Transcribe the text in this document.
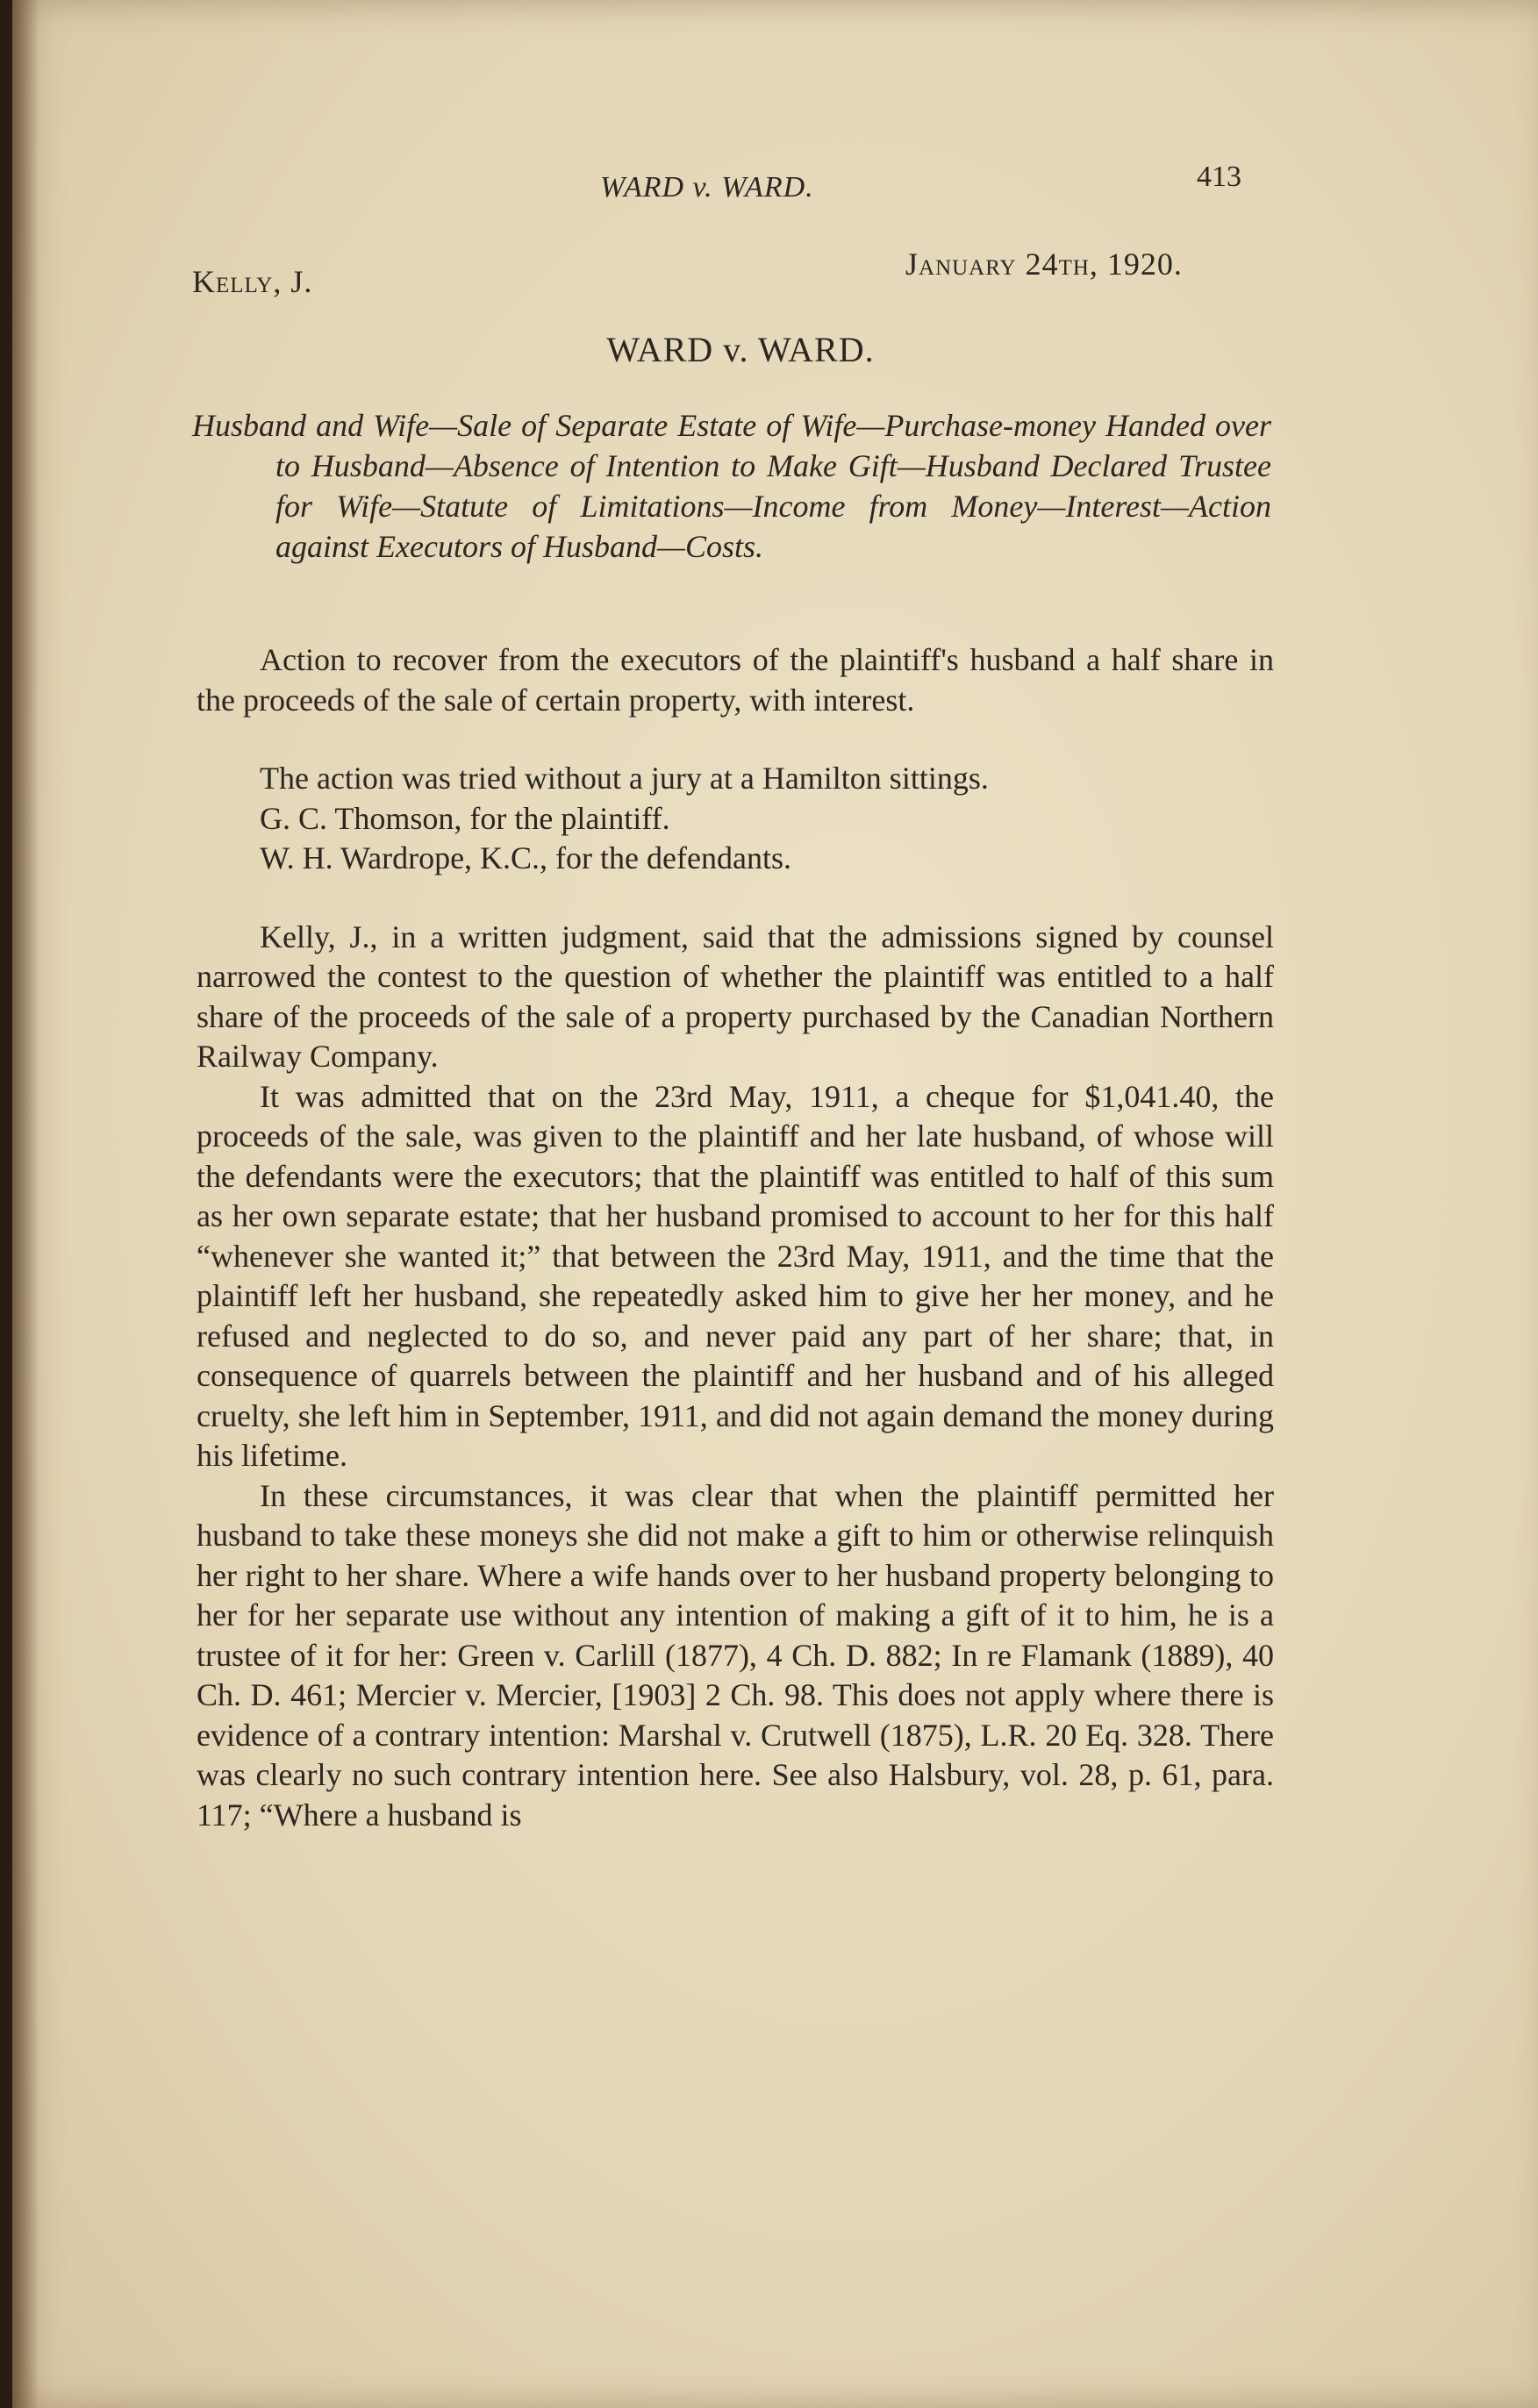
WARD v. WARD.	413
Kelly, J.	January 24th, 1920.
WARD v. WARD.
Husband and Wife—Sale of Separate Estate of Wife—Purchase-money Handed over to Husband—Absence of Intention to Make Gift—Husband Declared Trustee for Wife—Statute of Limitations—Income from Money—Interest—Action against Executors of Husband—Costs.

Action to recover from the executors of the plaintiff's husband a half share in the proceeds of the sale of certain property, with interest.

The action was tried without a jury at a Hamilton sittings.

G. C. Thomson, for the plaintiff.

W. H. Wardrope, K.C., for the defendants.

Kelly, J., in a written judgment, said that the admissions signed by counsel narrowed the contest to the question of whether the plaintiff was entitled to a half share of the proceeds of the sale of a property purchased by the Canadian Northern Railway Company.

It was admitted that on the 23rd May, 1911, a cheque for $1,041.40, the proceeds of the sale, was given to the plaintiff and her late husband, of whose will the defendants were the executors; that the plaintiff was entitled to half of this sum as her own separate estate; that her husband promised to account to her for this half “whenever she wanted it;” that between the 23rd May, 1911, and the time that the plaintiff left her husband, she repeatedly asked him to give her her money, and he refused and neglected to do so, and never paid any part of her share; that, in consequence of quarrels between the plaintiff and her husband and of his alleged cruelty, she left him in September, 1911, and did not again demand the money during his lifetime.

In these circumstances, it was clear that when the plaintiff permitted her husband to take these moneys she did not make a gift to him or otherwise relinquish her right to her share. Where a wife hands over to her husband property belonging to her for her separate use without any intention of making a gift of it to him, he is a trustee of it for her: Green v. Carlill (1877), 4 Ch. D. 882; In re Flamank (1889), 40 Ch. D. 461; Mercier v. Mercier, [1903] 2 Ch. 98. This does not apply where there is evidence of a contrary intention: Marshal v. Crutwell (1875), L.R. 20 Eq. 328. There was clearly no such contrary intention here. See also Halsbury, vol. 28, p. 61, para. 117; “Where a husband is
